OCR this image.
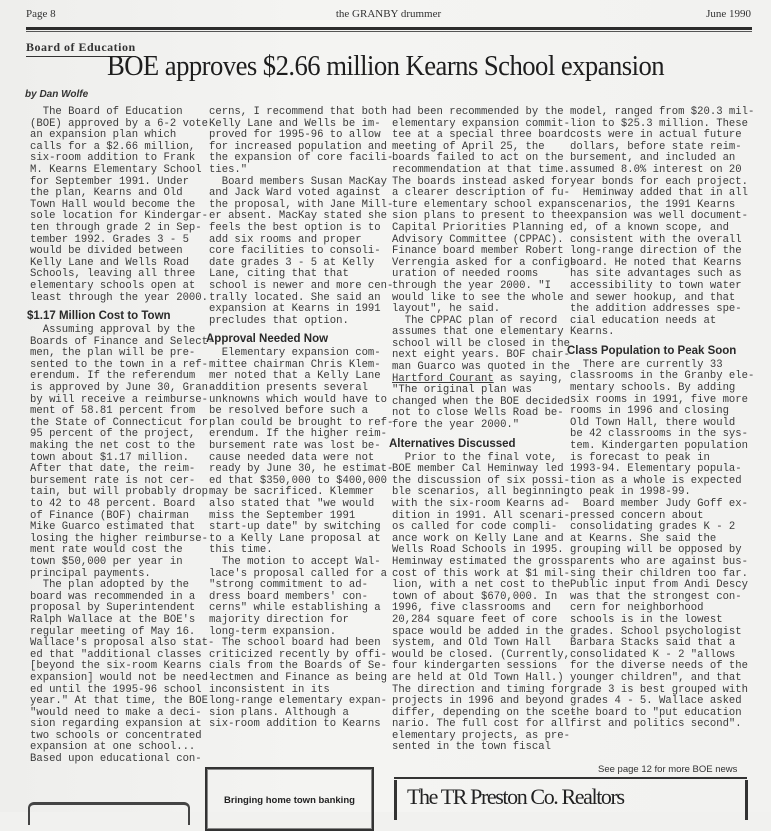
Page 8	the GRANBY drummer	June 1990
Board of Education
BOE approves $2.66 million Kearns School expansion
by Dan Wolfe
The Board of Education
(BOE) approved by a 6-2 vote
an expansion plan which
calls for a $2.66 million,
six-room addition to Frank
M. Kearns Elementary School
for September 1991. Under
the plan, Kearns and Old
Town Hall would become the
sole location for Kindergar-
ten through grade 2 in Sep-
tember 1992. Grades 3 - 5
would be divided between
Kelly Lane and Wells Road
Schools, leaving all three
elementary schools open at
least through the year 2000.
$1.17 Million Cost to Town
Assuming approval by the
Boards of Finance and Select-
men, the plan will be pre-
sented to the town in a ref-
erendum. If the referendum
is approved by June 30, Gran-
by will receive a reimburse-
ment of 58.81 percent from
the State of Connecticut for
95 percent of the project,
making the net cost to the
town about $1.17 million.
After that date, the reim-
bursement rate is not cer-
tain, but will probably drop
to 42 to 48 percent. Board
of Finance (BOF) chairman
Mike Guarco estimated that
losing the higher reimburse-
ment rate would cost the
town $50,000 per year in
principal payments.
The plan adopted by the
board was recommended in a
proposal by Superintendent
Ralph Wallace at the BOE's
regular meeting of May 16.
Wallace's proposal also stat-
ed that "additional classes
[beyond the six-room Kearns
expansion] would not be need-
ed until the 1995-96 school
year." At that time, the BOE
"would need to make a deci-
sion regarding expansion at
two schools or concentrated
expansion at one school...
Based upon educational con-
cerns, I recommend that both
Kelly Lane and Wells be im-
proved for 1995-96 to allow
for increased population and
the expansion of core facili-
ties."
Board members Susan MacKay
and Jack Ward voted against
the proposal, with Jane Mill-
er absent. MacKay stated she
feels the best option is to
add six rooms and proper
core facilities to consoli-
date grades 3 - 5 at Kelly
Lane, citing that that
school is newer and more cen-
trally located. She said an
expansion at Kearns in 1991
precludes that option.
Approval Needed Now
Elementary expansion com-
mittee chairman Chris Klem-
mer noted that a Kelly Lane
addition presents several
unknowns which would have to
be resolved before such a
plan could be brought to ref-
erendum. If the higher reim-
bursement rate was lost be-
cause needed data were not
ready by June 30, he estimat-
ed that $350,000 to $400,000
may be sacrificed. Klemmer
also stated that "we would
miss the September 1991
start-up date" by switching
to a Kelly Lane proposal at
this time.
The motion to accept Wal-
lace's proposal called for a
"strong commitment to ad-
dress board members' con-
cerns" while establishing a
majority direction for
long-term expansion.
The school board had been
criticized recently by offi-
cials from the Boards of Se-
lectmen and Finance as being
inconsistent in its
long-range elementary expan-
sion plans. Although a
six-room addition to Kearns
had been recommended by the
elementary expansion commit-
tee at a special three board
meeting of April 25, the
boards failed to act on the
recommendation at that time.
The boards instead asked for
a clearer description of fu-
ture elementary school expan-
sion plans to present to the
Capital Priorities Planning
Advisory Committee (CPPAC).
Finance board member Robert
Verrengia asked for a config-
uration of needed rooms
through the year 2000. "I
would like to see the whole
layout", he said.
The CPPAC plan of record
assumes that one elementary
school will be closed in the
next eight years. BOF chair-
man Guarco was quoted in the
Hartford Courant as saying,
"The original plan was
changed when the BOE decided
not to close Wells Road be-
fore the year 2000."
Alternatives Discussed
Prior to the final vote,
BOE member Cal Heminway led
the discussion of six possi-
ble scenarios, all beginning
with the six-room Kearns ad-
dition in 1991. All scenari-
os called for code compli-
ance work on Kelly Lane and
Wells Road Schools in 1995.
Heminway estimated the gross
cost of this work at $1 mil-
lion, with a net cost to the
town of about $670,000. In
1996, five classrooms and
20,284 square feet of core
space would be added in the
system, and Old Town Hall
would be closed. (Currently,
four kindergarten sessions
are held at Old Town Hall.)
The direction and timing for
projects in 1996 and beyond
differ, depending on the sce-
nario. The full cost for all
elementary projects, as pre-
sented in the town fiscal
model, ranged from $20.3 mil-
lion to $25.3 million. These
costs were in actual future
dollars, before state reim-
bursement, and included an
assumed 8.0% interest on 20
year bonds for each project.
Heminway added that in all
scenarios, the 1991 Kearns
expansion was well document-
ed, of a known scope, and
consistent with the overall
long-range direction of the
board. He noted that Kearns
has site advantages such as
accessibility to town water
and sewer hookup, and that
the addition addresses spe-
cial education needs at
Kearns.
Class Population to Peak Soon
There are currently 33
classrooms in the Granby ele-
mentary schools. By adding
six rooms in 1991, five more
rooms in 1996 and closing
Old Town Hall, there would
be 42 classrooms in the sys-
tem. Kindergarten population
is forecast to peak in
1993-94. Elementary popula-
tion as a whole is expected
to peak in 1998-99.
Board member Judy Goff ex-
pressed concern about
consolidating grades K - 2
at Kearns. She said the
grouping will be opposed by
parents who are against bus-
sing their children too far.
Public input from Andi Descy
was that the strongest con-
cern for neighborhood
schools is in the lowest
grades. School psychologist
Barbara Stacks said that a
consolidated K - 2 "allows
for the diverse needs of the
younger children", and that
grade 3 is best grouped with
grades 4 - 5. Wallace asked
the board to "put education
first and politics second".
See page 12 for more BOE news
Bringing home town banking	The TR Preston Co. Realtors
